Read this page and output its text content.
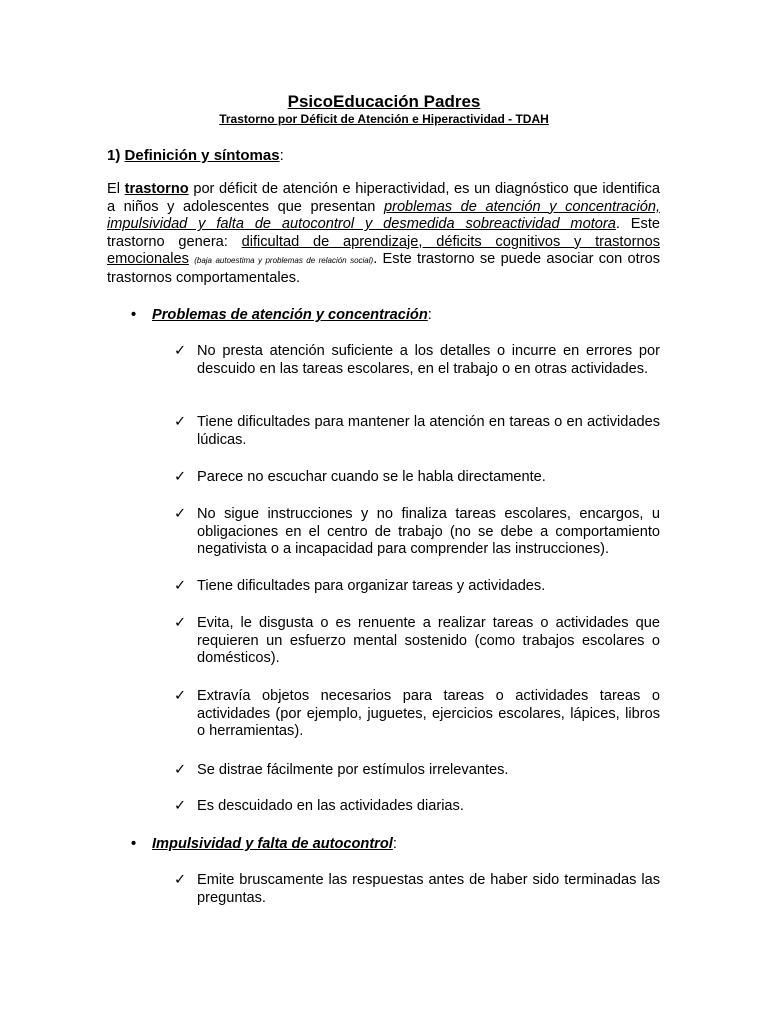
PsicoEducación Padres
Trastorno por Déficit de Atención e Hiperactividad - TDAH
1) Definición y síntomas:
El trastorno por déficit de atención e hiperactividad, es un diagnóstico que identifica a niños y adolescentes que presentan problemas de atención y concentración, impulsividad y falta de autocontrol y desmedida sobreactividad motora. Este trastorno genera: dificultad de aprendizaje, déficits cognitivos y trastornos emocionales (baja autoestima y problemas de relación social). Este trastorno se puede asociar con otros trastornos comportamentales.
• Problemas de atención y concentración:
✓ No presta atención suficiente a los detalles o incurre en errores por descuido en las tareas escolares, en el trabajo o en otras actividades.
✓ Tiene dificultades para mantener la atención en tareas o en actividades lúdicas.
✓ Parece no escuchar cuando se le habla directamente.
✓ No sigue instrucciones y no finaliza tareas escolares, encargos, u obligaciones en el centro de trabajo (no se debe a comportamiento negativista o a incapacidad para comprender las instrucciones).
✓ Tiene dificultades para organizar tareas y actividades.
✓ Evita, le disgusta o es renuente a realizar tareas o actividades que requieren un esfuerzo mental sostenido (como trabajos escolares o domésticos).
✓ Extravía objetos necesarios para tareas o actividades tareas o actividades (por ejemplo, juguetes, ejercicios escolares, lápices, libros o herramientas).
✓ Se distrae fácilmente por estímulos irrelevantes.
✓ Es descuidado en las actividades diarias.
• Impulsividad y falta de autocontrol:
✓ Emite bruscamente las respuestas antes de haber sido terminadas las preguntas.
